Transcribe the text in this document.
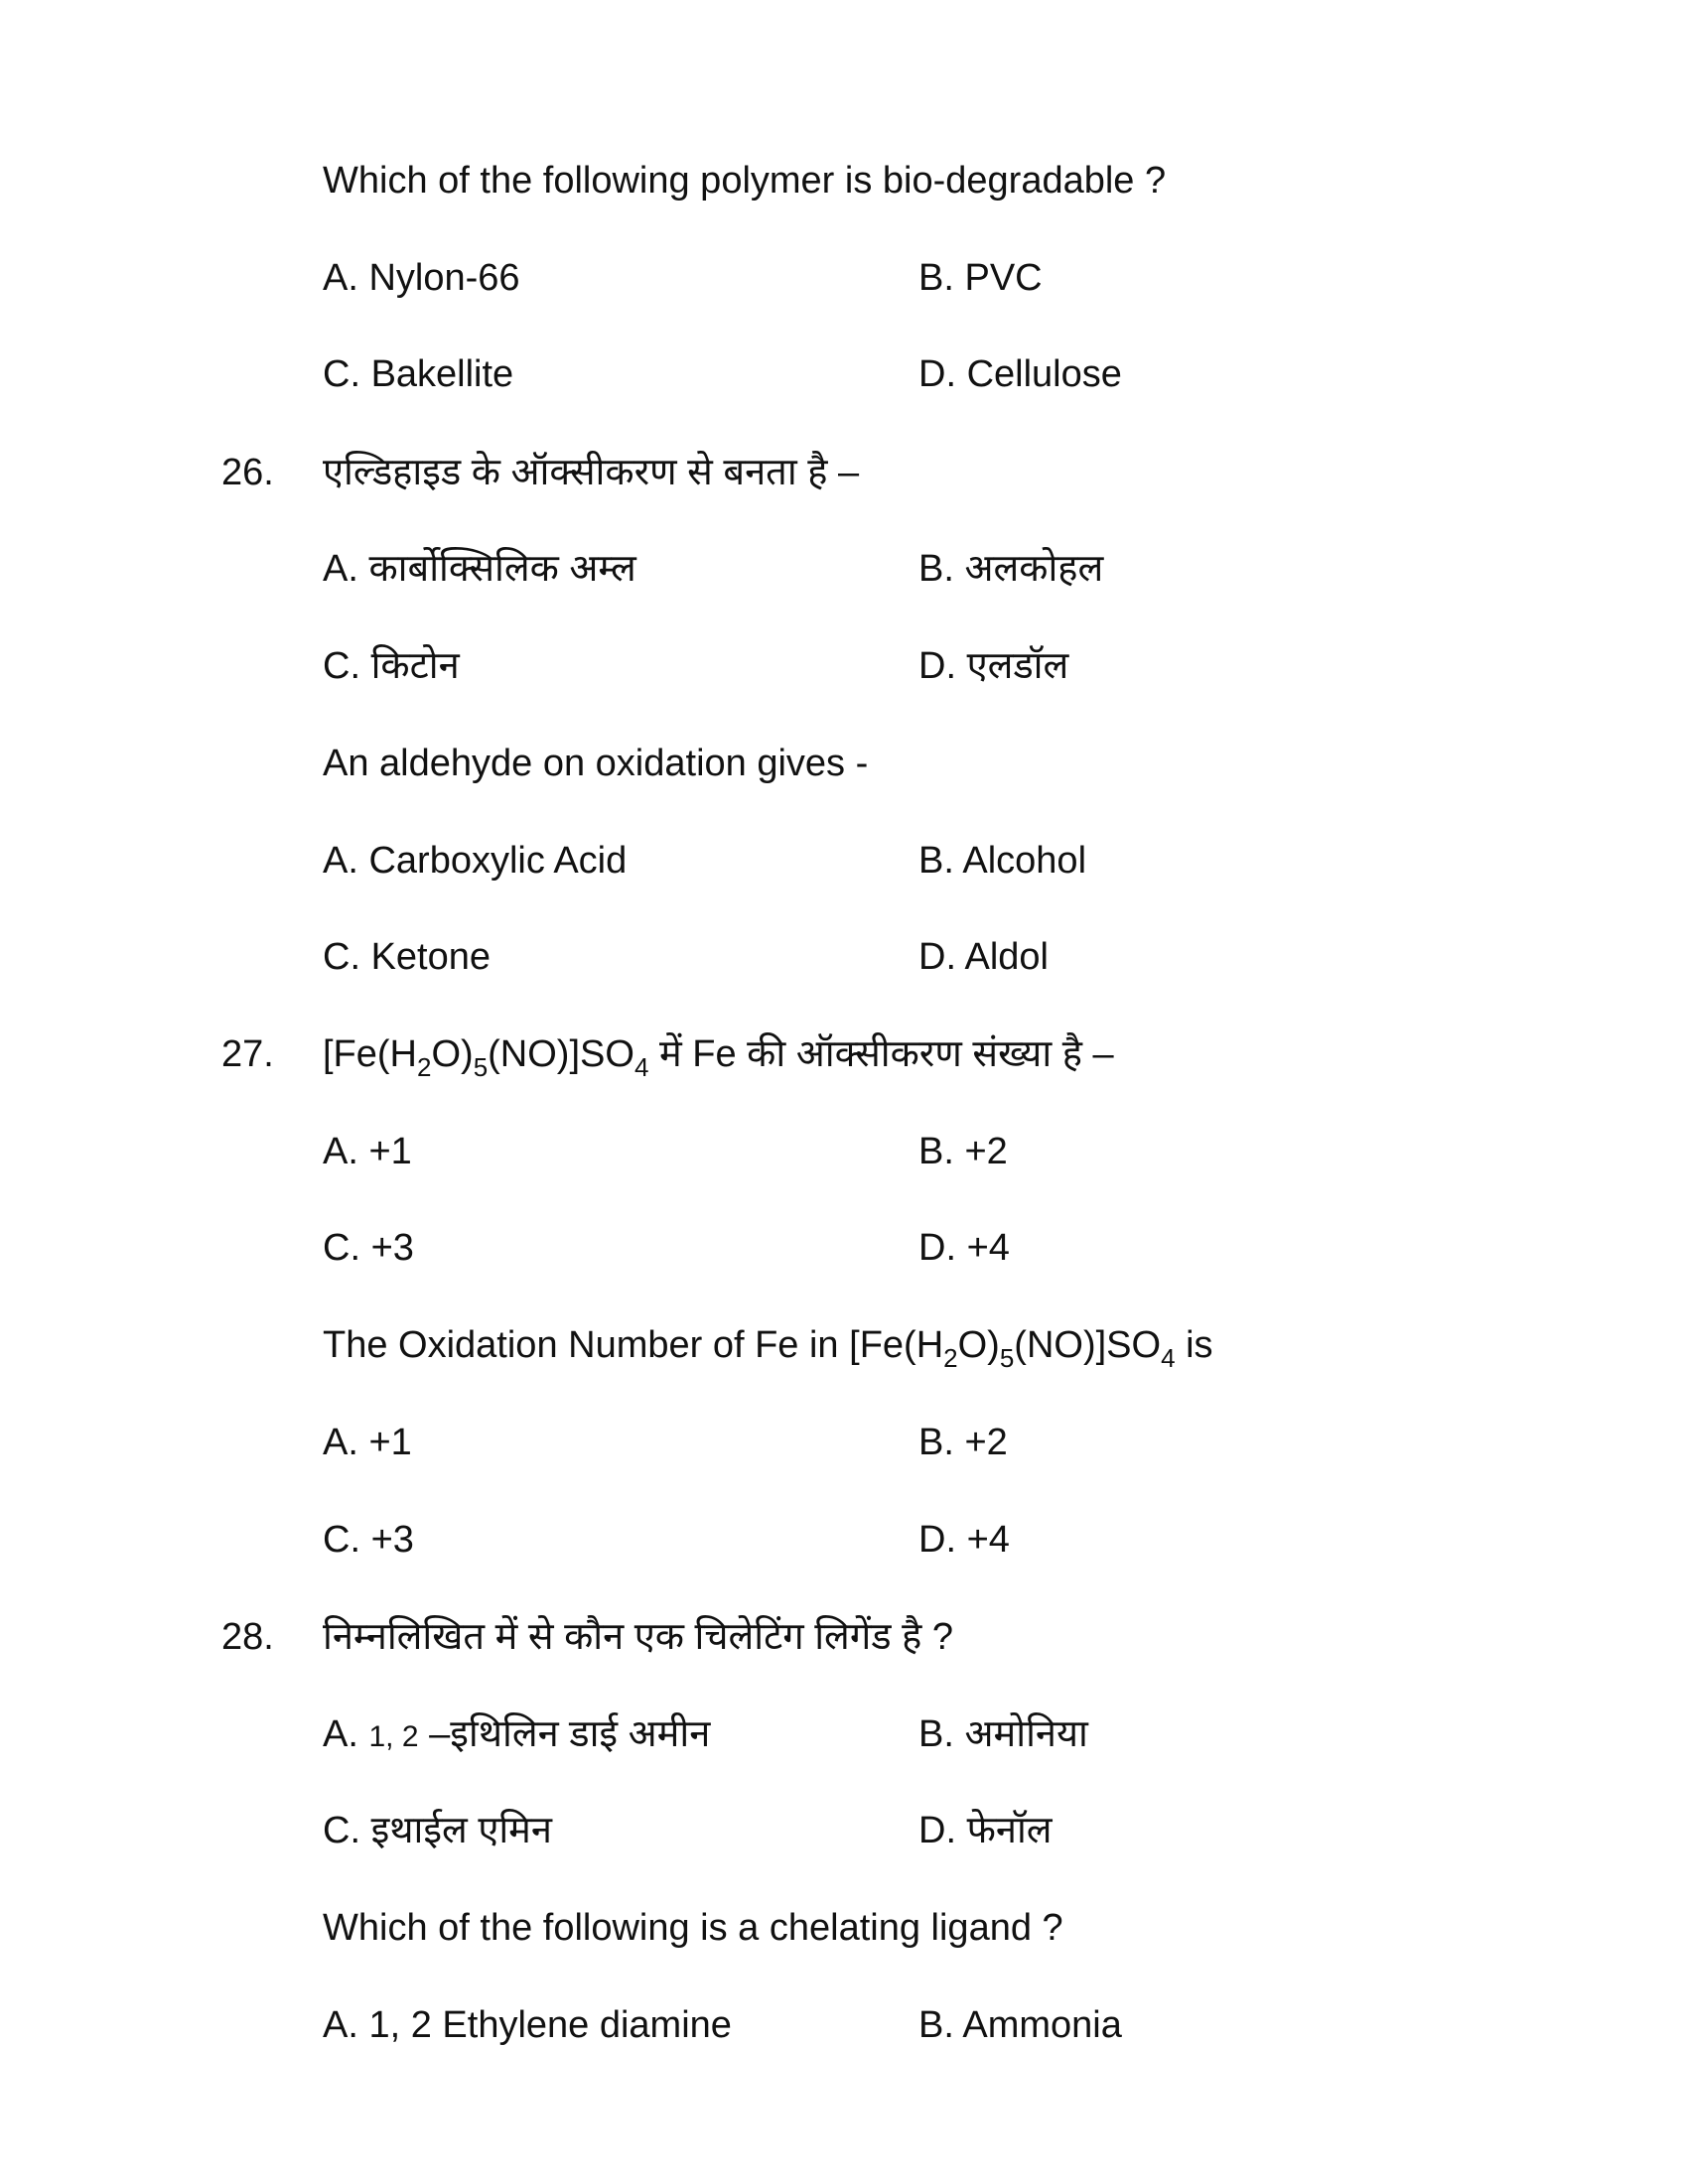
Which of the following polymer is bio-degradable ?
A. Nylon-66	B. PVC
C. Bakellite	D. Cellulose
26. एल्डिहाइड के ऑक्सीकरण से बनता है –
A. कार्बोक्सिलिक अम्ल	B. अलकोहल
C. किटोन	D. एलडॉल
An aldehyde on oxidation gives -
A. Carboxylic Acid	B. Alcohol
C. Ketone	D. Aldol
27. $[Fe(H_2O)_5(NO)]SO_4$ में Fe की ऑक्सीकरण संख्या है –
A. +1	B. +2
C. +3	D. +4
The Oxidation Number of Fe in $[Fe(H_2O)_5(NO)]SO_4$ is
A. +1	B. +2
C. +3	D. +4
28. निम्नलिखित में से कौन एक चिलेटिंग लिगेंड है ?
A. 1, 2 –इथिलिन डाई अमीन	B. अमोनिया
C. इथाईल एमिन	D. फेनॉल
Which of the following is a chelating ligand ?
A. 1, 2 Ethylene diamine	B. Ammonia
